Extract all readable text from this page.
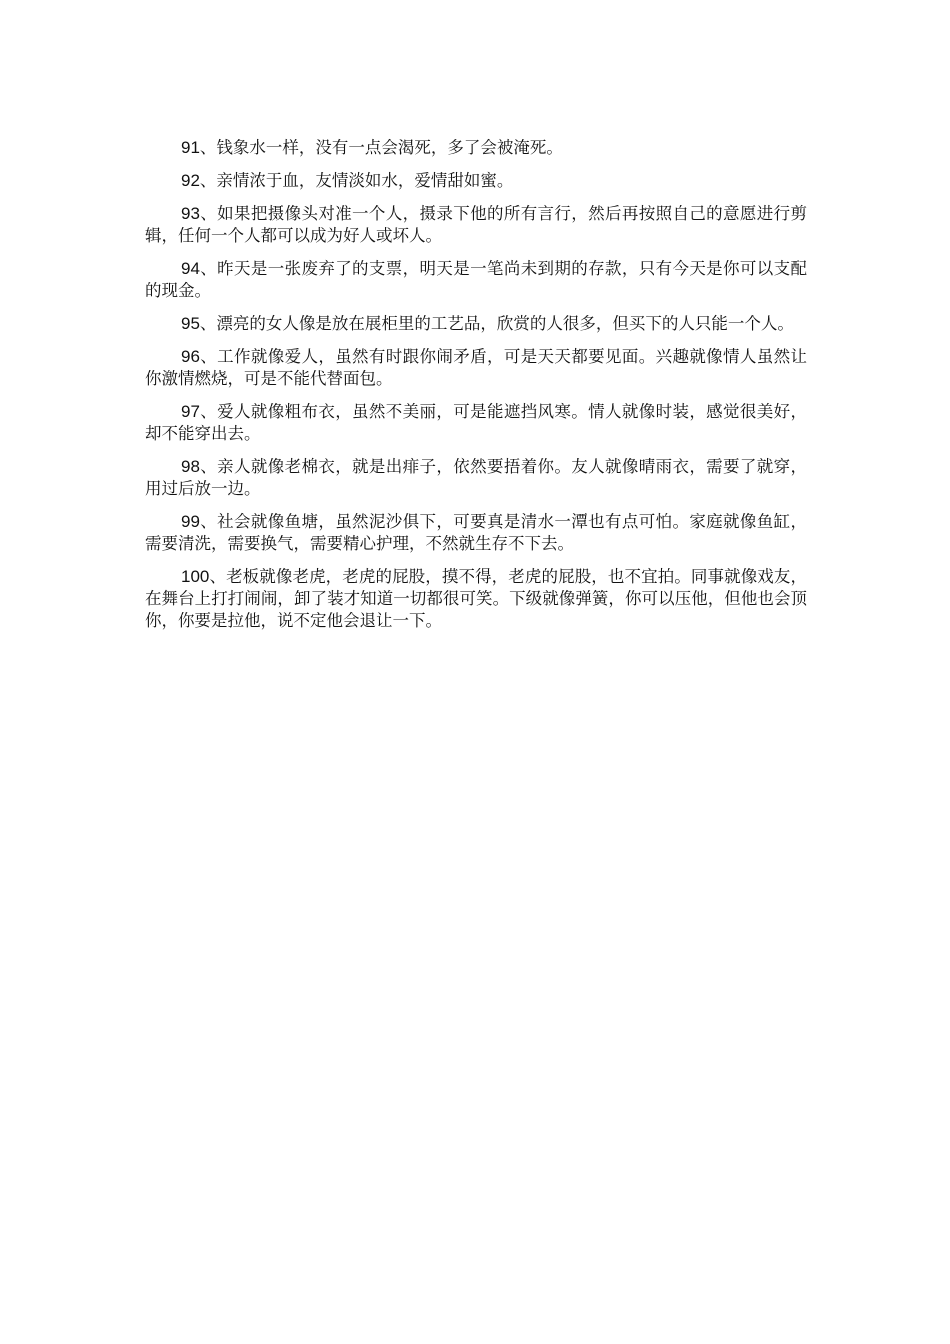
91、钱象水一样，没有一点会渴死，多了会被淹死。

92、亲情浓于血，友情淡如水，爱情甜如蜜。

93、如果把摄像头对准一个人，摄录下他的所有言行，然后再按照自己的意愿进行剪辑，任何一个人都可以成为好人或坏人。

94、昨天是一张废弃了的支票，明天是一笔尚未到期的存款，只有今天是你可以支配的现金。

95、漂亮的女人像是放在展柜里的工艺品，欣赏的人很多，但买下的人只能一个人。

96、工作就像爱人，虽然有时跟你闹矛盾，可是天天都要见面。兴趣就像情人虽然让你激情燃烧，可是不能代替面包。

97、爱人就像粗布衣，虽然不美丽，可是能遮挡风寒。情人就像时装，感觉很美好，却不能穿出去。

98、亲人就像老棉衣，就是出痱子，依然要捂着你。友人就像晴雨衣，需要了就穿，用过后放一边。

99、社会就像鱼塘，虽然泥沙俱下，可要真是清水一潭也有点可怕。家庭就像鱼缸，需要清洗，需要换气，需要精心护理，不然就生存不下去。

100、老板就像老虎，老虎的屁股，摸不得，老虎的屁股，也不宜拍。同事就像戏友，在舞台上打打闹闹，卸了装才知道一切都很可笑。下级就像弹簧，你可以压他，但他也会顶你，你要是拉他，说不定他会退让一下。
